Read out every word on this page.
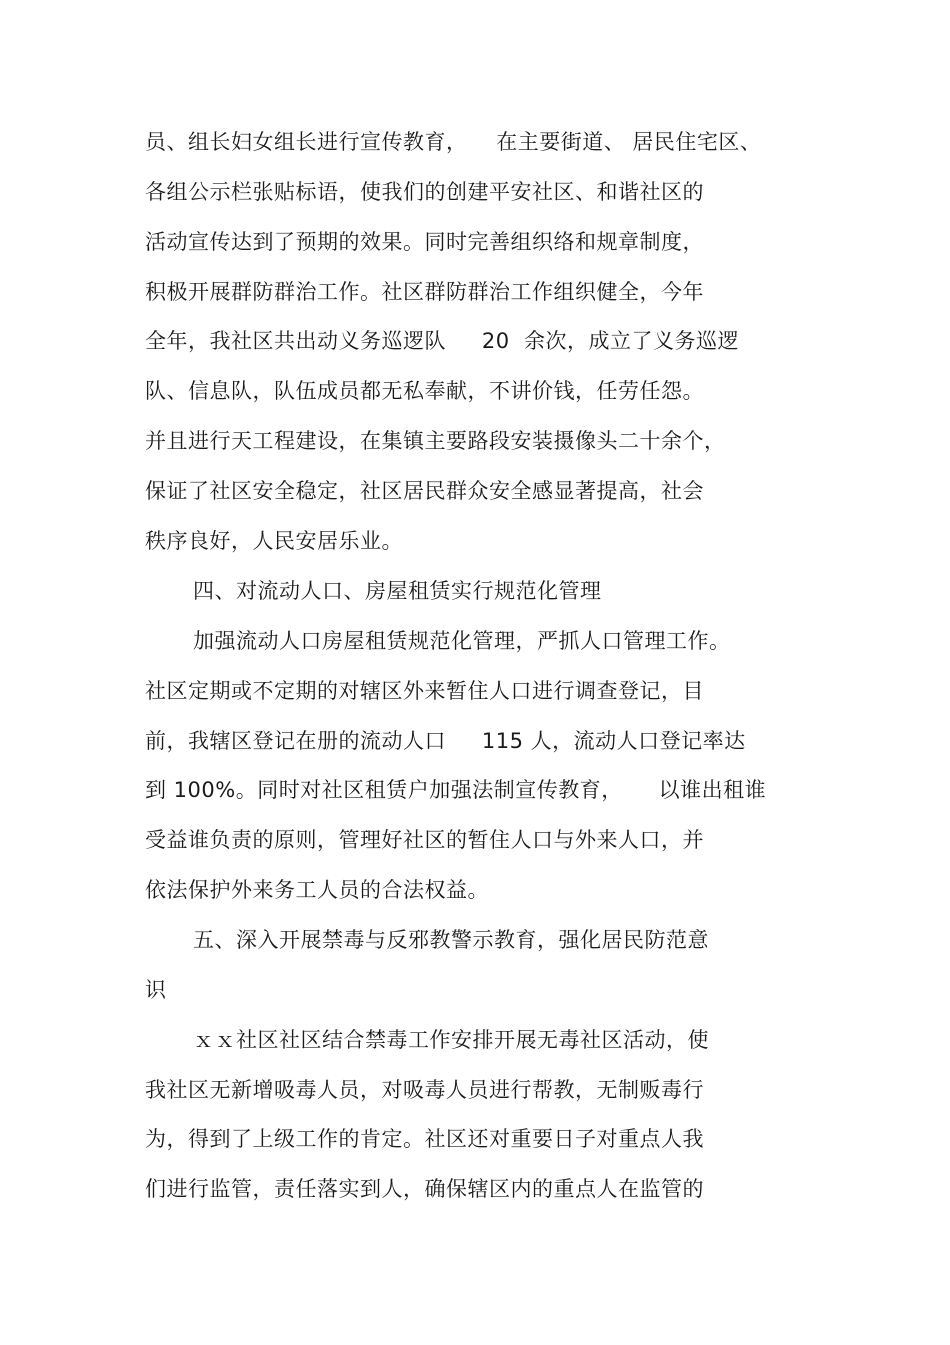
员、组长妇女组长进行宣传教育，    在主要街道、 居民住宅区、
各组公示栏张贴标语，使我们的创建平安社区、和谐社区的
活动宣传达到了预期的效果。同时完善组织络和规章制度，
积极开展群防群治工作。社区群防群治工作组织健全，今年
全年，我社区共出动义务巡逻队     20  余次，成立了义务巡逻
队、信息队，队伍成员都无私奉献，不讲价钱，任劳任怨。
并且进行天工程建设，在集镇主要路段安装摄像头二十余个，
保证了社区安全稳定，社区居民群众安全感显著提高，社会
秩序良好，人民安居乐业。
四、对流动人口、房屋租赁实行规范化管理
加强流动人口房屋租赁规范化管理，严抓人口管理工作。
社区定期或不定期的对辖区外来暂住人口进行调查登记，目
前，我辖区登记在册的流动人口     115 人，流动人口登记率达
到 100%。同时对社区租赁户加强法制宣传教育，     以谁出租谁
受益谁负责的原则，管理好社区的暂住人口与外来人口，并
依法保护外来务工人员的合法权益。
五、深入开展禁毒与反邪教警示教育，强化居民防范意
识
ｘｘ社区社区结合禁毒工作安排开展无毒社区活动，使
我社区无新增吸毒人员，对吸毒人员进行帮教，无制贩毒行
为，得到了上级工作的肯定。社区还对重要日子对重点人我
们进行监管，责任落实到人，确保辖区内的重点人在监管的
